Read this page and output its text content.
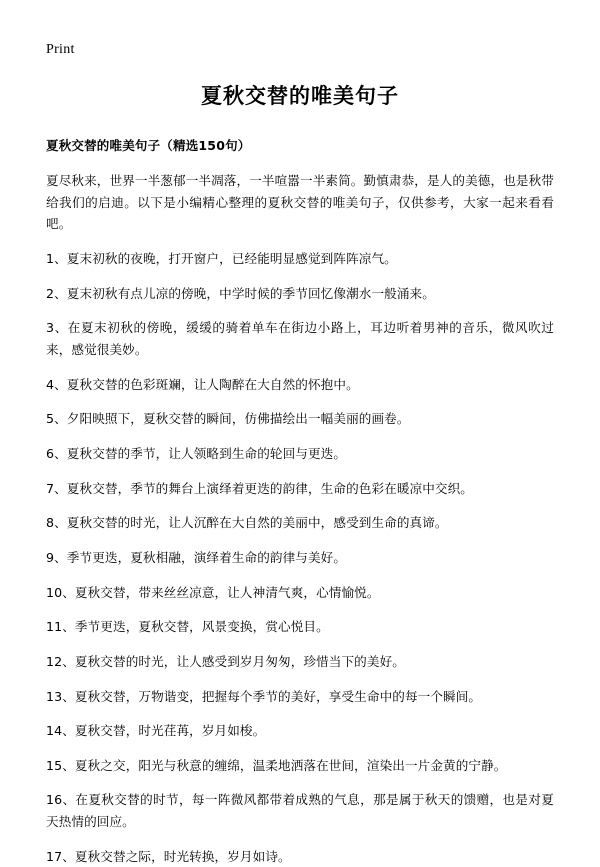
Print
夏秋交替的唯美句子
夏秋交替的唯美句子（精选150句）

夏尽秋来，世界一半葱郁一半凋落，一半喧嚣一半素简。勤慎肃恭，是人的美德，也是秋带给我们的启迪。以下是小编精心整理的夏秋交替的唯美句子，仅供参考，大家一起来看看吧。

1、夏末初秋的夜晚，打开窗户，已经能明显感觉到阵阵凉气。

2、夏末初秋有点儿凉的傍晚，中学时候的季节回忆像潮水一般涌来。

3、在夏末初秋的傍晚，缓缓的骑着单车在街边小路上，耳边听着男神的音乐，微风吹过来，感觉很美妙。

4、夏秋交替的色彩斑斓，让人陶醉在大自然的怀抱中。

5、夕阳映照下，夏秋交替的瞬间，仿佛描绘出一幅美丽的画卷。

6、夏秋交替的季节，让人领略到生命的轮回与更迭。

7、夏秋交替，季节的舞台上演绎着更迭的韵律，生命的色彩在暖凉中交织。

8、夏秋交替的时光，让人沉醉在大自然的美丽中，感受到生命的真谛。

9、季节更迭，夏秋相融，演绎着生命的韵律与美好。

10、夏秋交替，带来丝丝凉意，让人神清气爽，心情愉悦。

11、季节更迭，夏秋交替，风景变换，赏心悦目。

12、夏秋交替的时光，让人感受到岁月匆匆，珍惜当下的美好。

13、夏秋交替，万物谐变，把握每个季节的美好，享受生命中的每一个瞬间。

14、夏秋交替，时光荏苒，岁月如梭。

15、夏秋之交，阳光与秋意的缠绵，温柔地洒落在世间，渲染出一片金黄的宁静。

16、在夏秋交替的时节，每一阵微风都带着成熟的气息，那是属于秋天的馈赠，也是对夏天热情的回应。

17、夏秋交替之际，时光转换，岁月如诗。
